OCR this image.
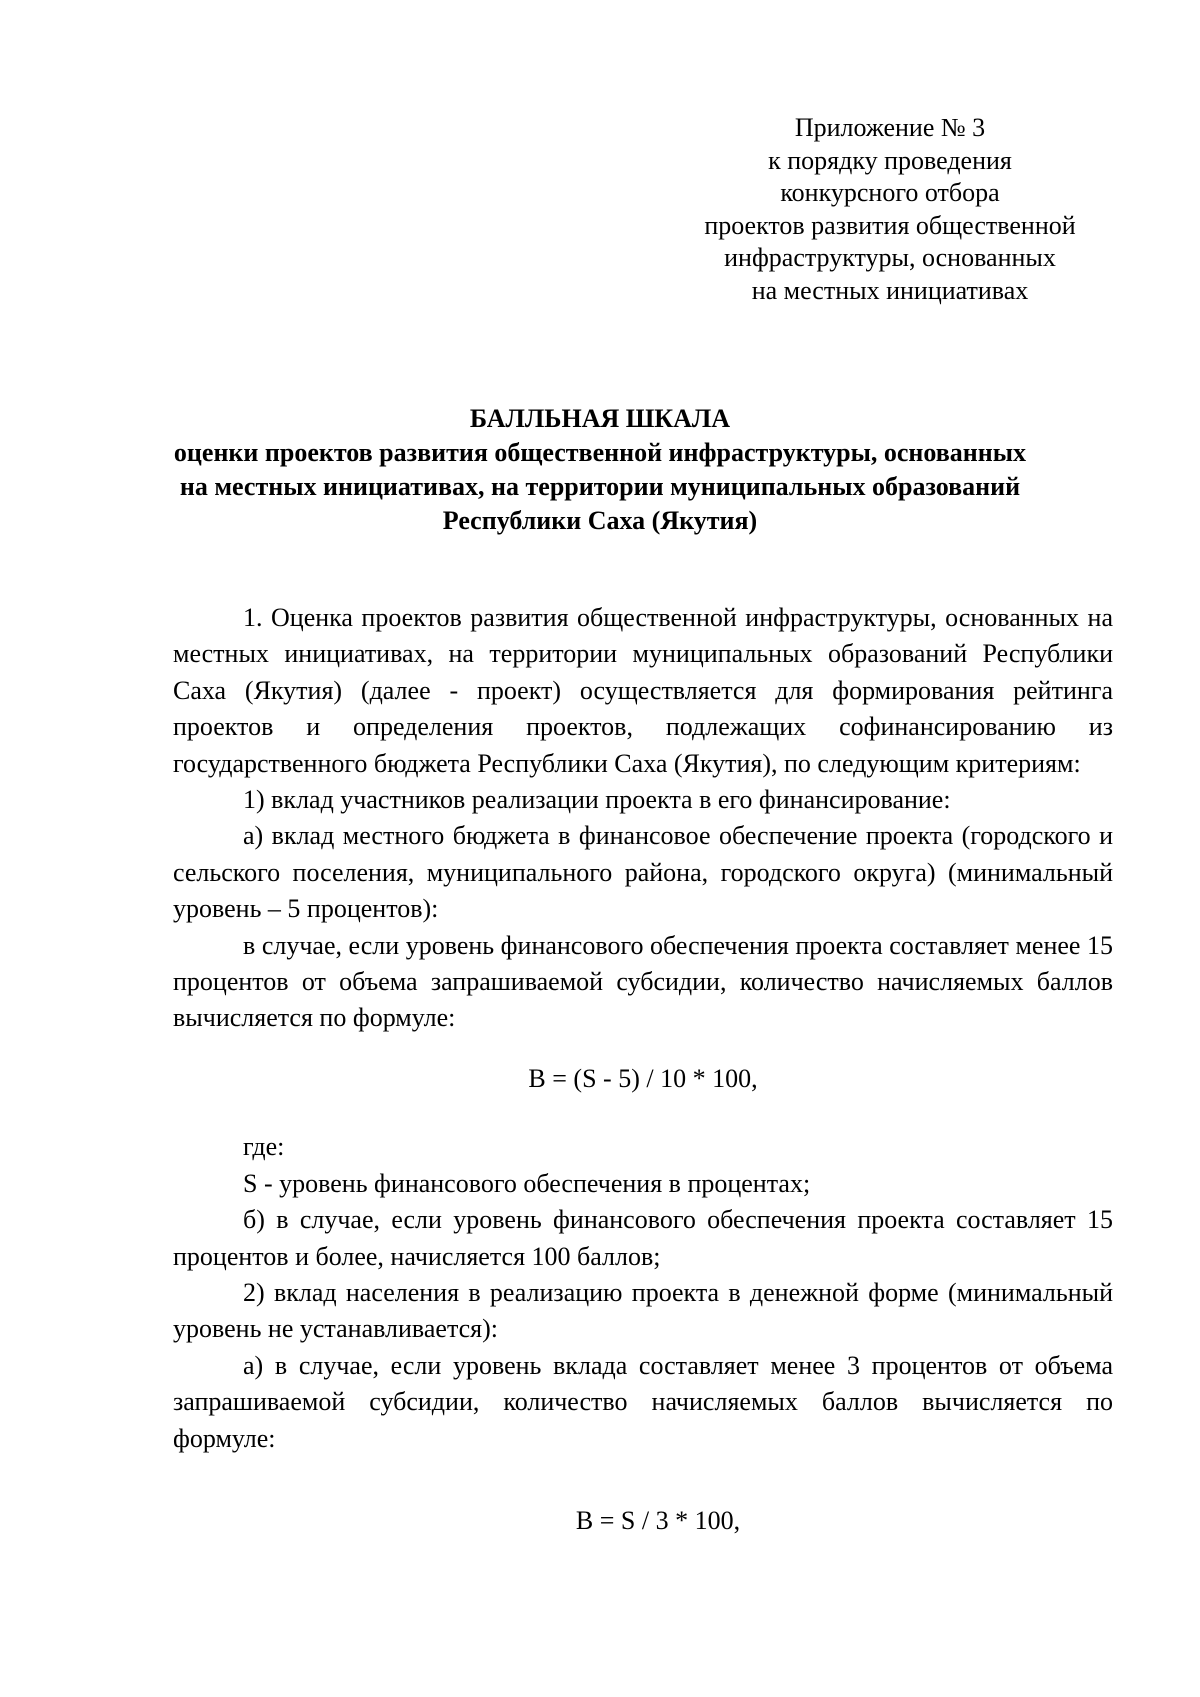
Приложение № 3
к порядку проведения
конкурсного отбора
проектов развития общественной
инфраструктуры, основанных
на местных инициативах
БАЛЛЬНАЯ ШКАЛА
оценки проектов развития общественной инфраструктуры, основанных
на местных инициативах, на территории муниципальных образований
Республики Саха (Якутия)

1. Оценка проектов развития общественной инфраструктуры, основанных на местных инициативах, на территории муниципальных образований Республики Саха (Якутия) (далее - проект) осуществляется для формирования рейтинга проектов и определения проектов, подлежащих софинансированию из государственного бюджета Республики Саха (Якутия), по следующим критериям:

1) вклад участников реализации проекта в его финансирование:

а) вклад местного бюджета в финансовое обеспечение проекта (городского и сельского поселения, муниципального района, городского округа) (минимальный уровень – 5 процентов):

в случае, если уровень финансового обеспечения проекта составляет менее 15 процентов от объема запрашиваемой субсидии, количество начисляемых баллов вычисляется по формуле:

B = (S - 5) / 10 * 100,

где:

S - уровень финансового обеспечения в процентах;

б) в случае, если уровень финансового обеспечения проекта составляет 15 процентов и более, начисляется 100 баллов;

2) вклад населения в реализацию проекта в денежной форме (минимальный уровень не устанавливается):

а) в случае, если уровень вклада составляет менее 3 процентов от объема запрашиваемой субсидии, количество начисляемых баллов вычисляется по формуле:

B = S / 3 * 100,
